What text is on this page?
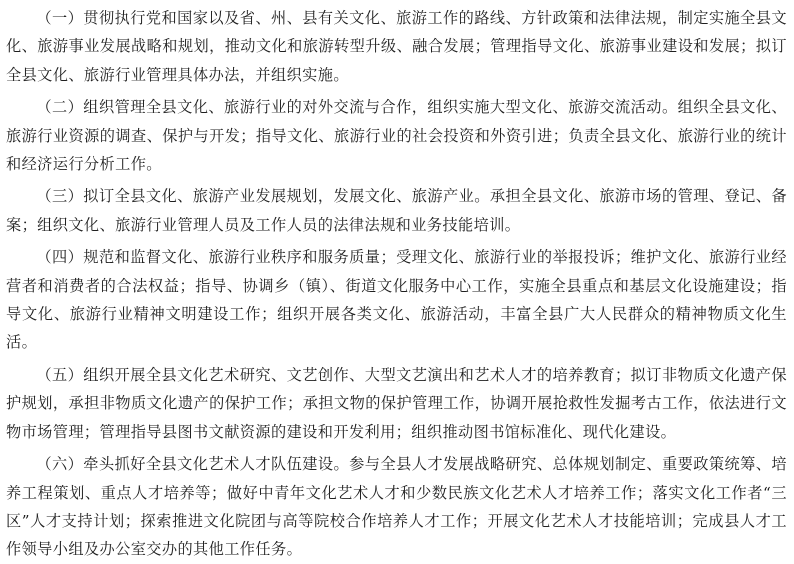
（一）贯彻执行党和国家以及省、州、县有关文化、旅游工作的路线、方针政策和法律法规，制定实施全县文化、旅游事业发展战略和规划，推动文化和旅游转型升级、融合发展；管理指导文化、旅游事业建设和发展；拟订全县文化、旅游行业管理具体办法，并组织实施。

（二）组织管理全县文化、旅游行业的对外交流与合作，组织实施大型文化、旅游交流活动。组织全县文化、旅游行业资源的调查、保护与开发；指导文化、旅游行业的社会投资和外资引进；负责全县文化、旅游行业的统计和经济运行分析工作。

（三）拟订全县文化、旅游产业发展规划，发展文化、旅游产业。承担全县文化、旅游市场的管理、登记、备案；组织文化、旅游行业管理人员及工作人员的法律法规和业务技能培训。

（四）规范和监督文化、旅游行业秩序和服务质量；受理文化、旅游行业的举报投诉；维护文化、旅游行业经营者和消费者的合法权益；指导、协调乡（镇）、街道文化服务中心工作，实施全县重点和基层文化设施建设；指导文化、旅游行业精神文明建设工作；组织开展各类文化、旅游活动，丰富全县广大人民群众的精神物质文化生活。

（五）组织开展全县文化艺术研究、文艺创作、大型文艺演出和艺术人才的培养教育；拟订非物质文化遗产保护规划，承担非物质文化遗产的保护工作；承担文物的保护管理工作，协调开展抢救性发掘考古工作，依法进行文物市场管理；管理指导县图书文献资源的建设和开发利用；组织推动图书馆标准化、现代化建设。

（六）牵头抓好全县文化艺术人才队伍建设。参与全县人才发展战略研究、总体规划制定、重要政策统筹、培养工程策划、重点人才培养等；做好中青年文化艺术人才和少数民族文化艺术人才培养工作；落实文化工作者“三区”人才支持计划；探索推进文化院团与高等院校合作培养人才工作；开展文化艺术人才技能培训；完成县人才工作领导小组及办公室交办的其他工作任务。
